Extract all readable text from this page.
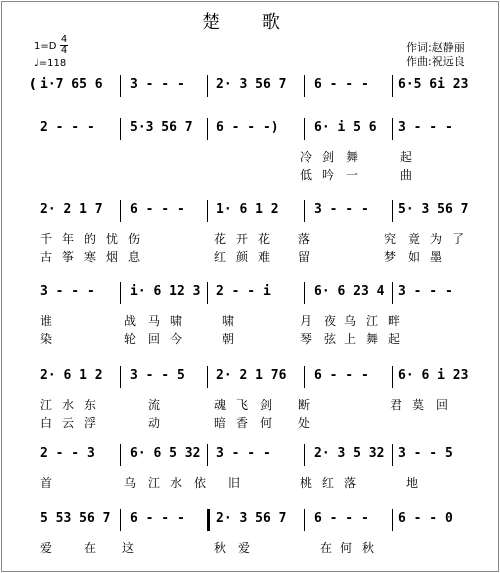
楚 歌
1=D
4
4
♩=118
作词:赵静丽
作曲:祝远良
( i·7 65 6 3 - - - 2· 3 56 7 6 - - - 6·5 6i 23
2 - - -	5·3 56 7 6 - - -)	6· i 5 6 3 - - -
冷 剑 舞	起
低 吟 一	曲
2· 2 1 7 6 - - - 1· 6 1 2	3 - - - 5· 3 56 7
千 年 的 忧 伤	花 开 花 落	究 竟 为 了
古 筝 寒 烟 息	红 颜 难 留	梦 如 墨
3 - - -	i· 6 12 3 2 - - i	6· 6 23 4 3 - - -
谁	战 马 啸	啸	月 夜 乌 江 畔
染	轮 回 今	朝	琴 弦 上 舞 起
2· 6 1 2 3 - - 5 2· 2 1 76 6 - - - 6· 6 i 23
江 水 东	流	魂 飞 剑 断	君 莫 回
白 云 浮	动	暗 香 何 处
2 - - 3	6· 6 5 32 3 - - -	2· 3 5 32 3 - - 5
首	乌 江 水 依 旧	桃 红 落	地
5 53 56 7 6 - - - 2· 3 56 7 6 - - - 6 - - 0
爱	在 这	秋 爱	在 何 秋
